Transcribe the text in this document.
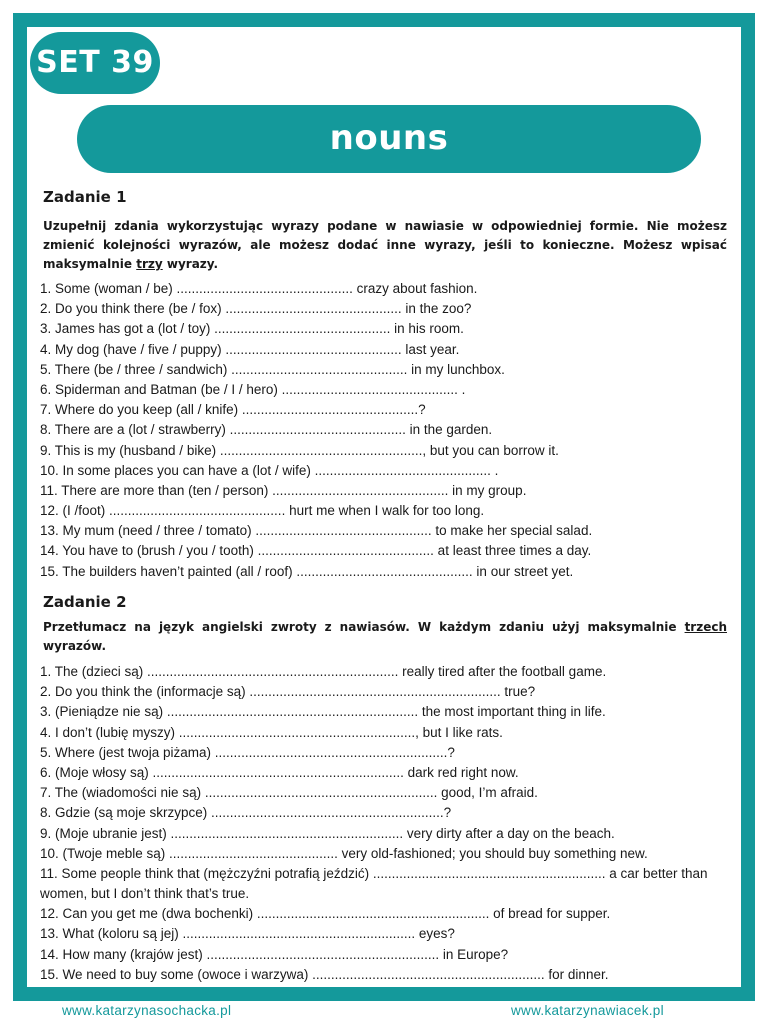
SET 39
nouns
Zadanie 1
Uzupełnij zdania wykorzystując wyrazy podane w nawiasie w odpowiedniej formie. Nie możesz zmienić kolejności wyrazów, ale możesz dodać inne wyrazy, jeśli to konieczne. Możesz wpisać maksymalnie trzy wyrazy.
1. Some (woman / be) ............................................... crazy about fashion.
2. Do you think there (be / fox) ............................................... in the zoo?
3. James has got a (lot / toy) ............................................... in his room.
4. My dog (have / five / puppy) ............................................... last year.
5. There (be / three / sandwich) ............................................... in my lunchbox.
6. Spiderman and Batman (be / I / hero) ............................................... .
7. Where do you keep (all / knife) ...............................................?
8. There are a (lot / strawberry) ............................................... in the garden.
9. This is my (husband / bike) ......................................................, but you can borrow it.
10. In some places you can have a (lot / wife) ............................................... .
11. There are more than (ten / person) ............................................... in my group.
12. (I /foot) ............................................... hurt me when I walk for too long.
13. My mum (need / three / tomato) ............................................... to make her special salad.
14. You have to (brush / you / tooth) ............................................... at least three times a day.
15. The builders haven’t painted (all / roof) ............................................... in our street yet.
Zadanie 2
Przetłumacz na język angielski zwroty z nawiasów. W każdym zdaniu użyj maksymalnie trzech wyrazów.
1. The (dzieci są) ................................................................... really tired after the football game.
2. Do you think the (informacje są) ................................................................... true?
3. (Pieniądze nie są) ................................................................... the most important thing in life.
4. I don’t (lubię myszy) ..............................................................., but I like rats.
5. Where (jest twoja piżama) ..............................................................?
6. (Moje włosy są) ................................................................... dark red right now.
7. The (wiadomości nie są) .............................................................. good, I’m afraid.
8. Gdzie (są moje skrzypce) ..............................................................?
9. (Moje ubranie jest) .............................................................. very dirty after a day on the beach.
10. (Twoje meble są) ............................................. very old-fashioned; you should buy something new.
11. Some people think that (mężczyźni potrafią jeździć) .............................................................. a car better than women, but I don’t think that’s true.
12. Can you get me (dwa bochenki) .............................................................. of bread for supper.
13. What (koloru są jej) .............................................................. eyes?
14. How many (krajów jest) .............................................................. in Europe?
15. We need to buy some (owoce i warzywa) .............................................................. for dinner.
www.katarzynasochacka.pl	www.katarzynawiacek.pl
